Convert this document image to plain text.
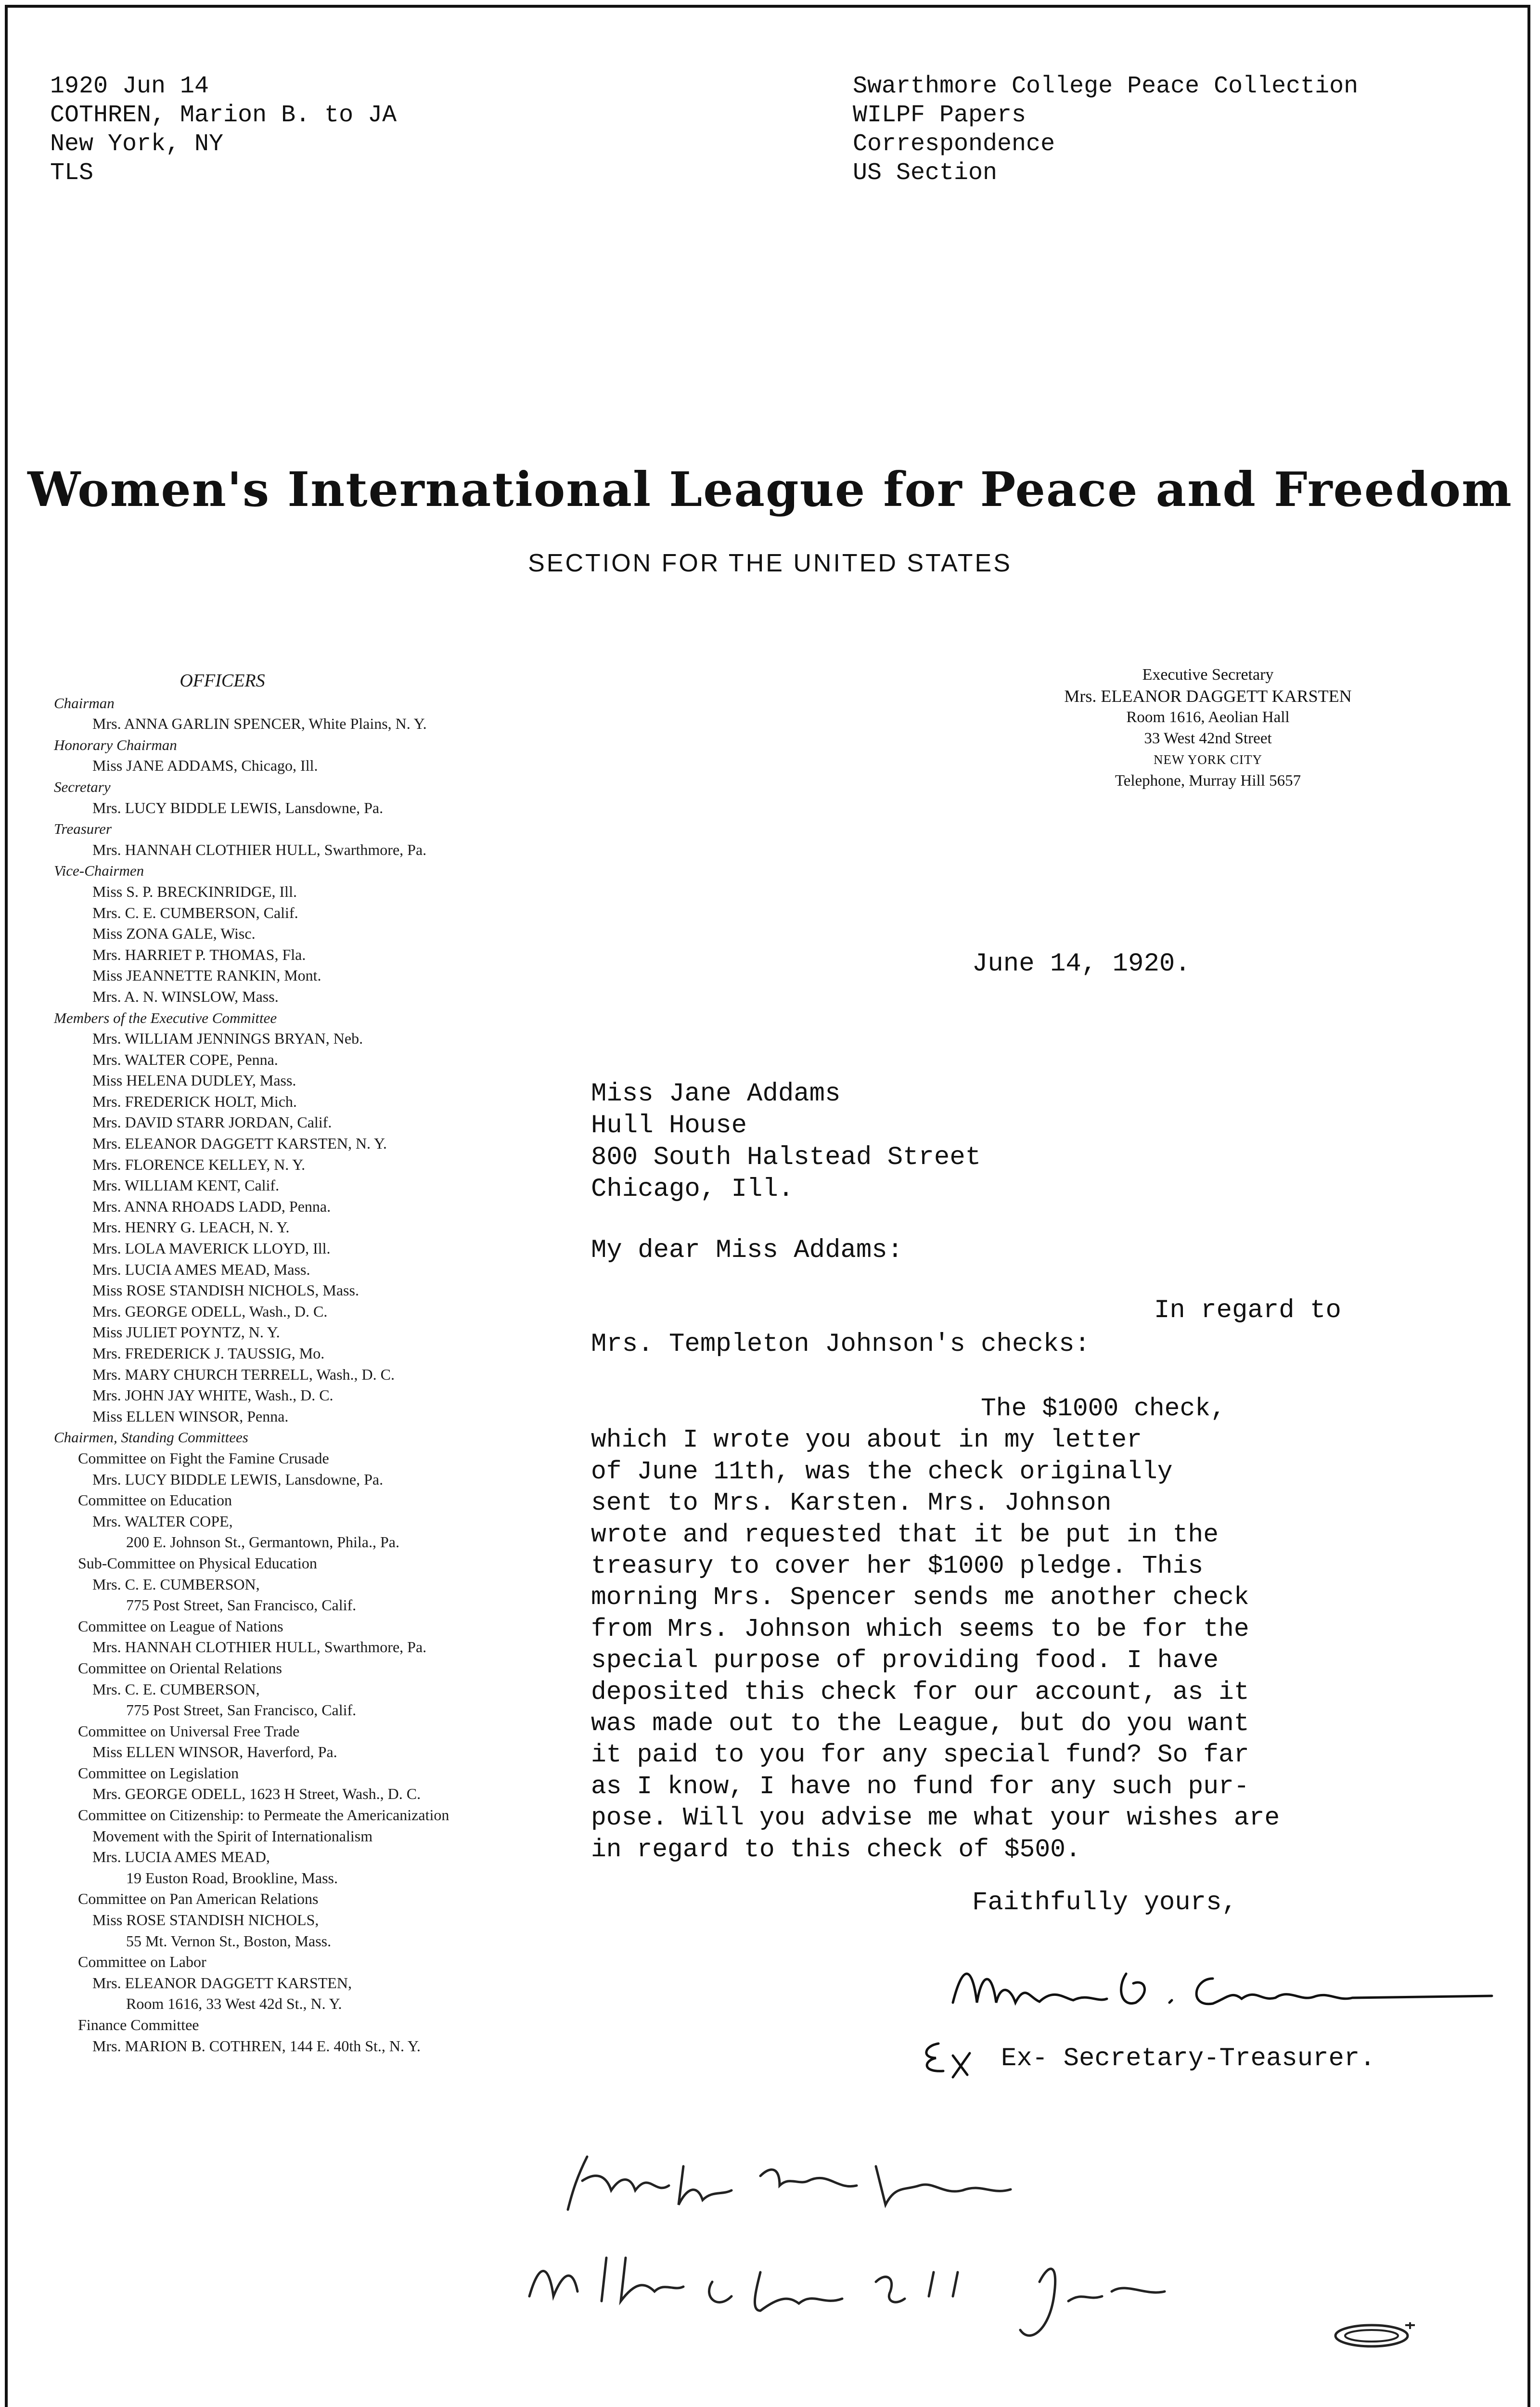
1920 Jun 14
COTHREN, Marion B. to JA
New York, NY
TLS
Swarthmore College Peace Collection
WILPF Papers
Correspondence
US Section
Women's International League for Peace and Freedom
SECTION FOR THE UNITED STATES
Executive Secretary
Mrs. ELEANOR DAGGETT KARSTEN
Room 1616, Aeolian Hall
33 West 42nd Street
NEW YORK CITY
Telephone, Murray Hill 5657
OFFICERS
Chairman
Mrs. ANNA GARLIN SPENCER, White Plains, N. Y.
Honorary Chairman
Miss JANE ADDAMS, Chicago, Ill.
Secretary
Mrs. LUCY BIDDLE LEWIS, Lansdowne, Pa.
Treasurer
Mrs. HANNAH CLOTHIER HULL, Swarthmore, Pa.
Vice-Chairmen
Miss S. P. BRECKINRIDGE, Ill.
Mrs. C. E. CUMBERSON, Calif.
Miss ZONA GALE, Wisc.
Mrs. HARRIET P. THOMAS, Fla.
Miss JEANNETTE RANKIN, Mont.
Mrs. A. N. WINSLOW, Mass.
Members of the Executive Committee
Mrs. WILLIAM JENNINGS BRYAN, Neb.
Mrs. WALTER COPE, Penna.
Miss HELENA DUDLEY, Mass.
Mrs. FREDERICK HOLT, Mich.
Mrs. DAVID STARR JORDAN, Calif.
Mrs. ELEANOR DAGGETT KARSTEN, N. Y.
Mrs. FLORENCE KELLEY, N. Y.
Mrs. WILLIAM KENT, Calif.
Mrs. ANNA RHOADS LADD, Penna.
Mrs. HENRY G. LEACH, N. Y.
Mrs. LOLA MAVERICK LLOYD, Ill.
Mrs. LUCIA AMES MEAD, Mass.
Miss ROSE STANDISH NICHOLS, Mass.
Mrs. GEORGE ODELL, Wash., D. C.
Miss JULIET POYNTZ, N. Y.
Mrs. FREDERICK J. TAUSSIG, Mo.
Mrs. MARY CHURCH TERRELL, Wash., D. C.
Mrs. JOHN JAY WHITE, Wash., D. C.
Miss ELLEN WINSOR, Penna.
Chairmen, Standing Committees
Committee on Fight the Famine Crusade
Mrs. LUCY BIDDLE LEWIS, Lansdowne, Pa.
Committee on Education
Mrs. WALTER COPE,
200 E. Johnson St., Germantown, Phila., Pa.
Sub-Committee on Physical Education
Mrs. C. E. CUMBERSON,
775 Post Street, San Francisco, Calif.
Committee on League of Nations
Mrs. HANNAH CLOTHIER HULL, Swarthmore, Pa.
Committee on Oriental Relations
Mrs. C. E. CUMBERSON,
775 Post Street, San Francisco, Calif.
Committee on Universal Free Trade
Miss ELLEN WINSOR, Haverford, Pa.
Committee on Legislation
Mrs. GEORGE ODELL, 1623 H Street, Wash., D. C.
Committee on Citizenship: to Permeate the Americanization
Movement with the Spirit of Internationalism
Mrs. LUCIA AMES MEAD,
19 Euston Road, Brookline, Mass.
Committee on Pan American Relations
Miss ROSE STANDISH NICHOLS,
55 Mt. Vernon St., Boston, Mass.
Committee on Labor
Mrs. ELEANOR DAGGETT KARSTEN,
Room 1616, 33 West 42d St., N. Y.
Finance Committee
Mrs. MARION B. COTHREN, 144 E. 40th St., N. Y.
June 14, 1920.
Miss Jane Addams
Hull House
800 South Halstead Street
Chicago, Ill.
My dear Miss Addams:
In regard to
Mrs. Templeton Johnson's checks:
The $1000 check,
which I wrote you about in my letter
of June 11th, was the check originally
sent to Mrs. Karsten. Mrs. Johnson
wrote and requested that it be put in the
treasury to cover her $1000 pledge. This
morning Mrs. Spencer sends me another check
from Mrs. Johnson which seems to be for the
special purpose of providing food. I have
deposited this check for our account, as it
was made out to the League, but do you want
it paid to you for any special fund? So far
as I know, I have no fund for any such pur-
pose. Will you advise me what your wishes are
in regard to this check of $500.
Faithfully yours,
Ex- Secretary-Treasurer.
